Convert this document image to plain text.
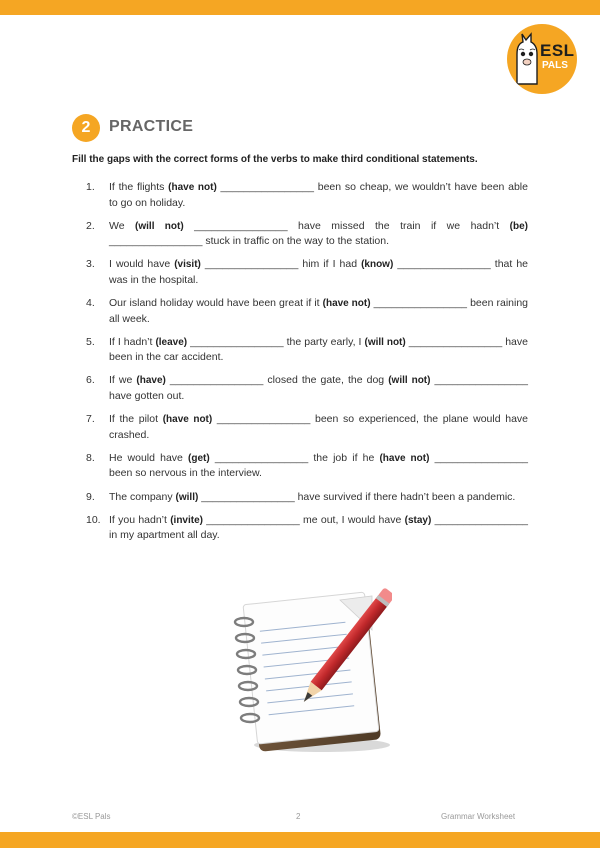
ESL
PALS
2	PRACTICE
Fill the gaps with the correct forms of the verbs to make third conditional statements.
1. If the flights (have not) ________________ been so cheap, we wouldn’t have been able to go on holiday.
2. We (will not) ________________ have missed the train if we hadn’t (be) ________________ stuck in traffic on the way to the station.
3. I would have (visit) ________________ him if I had (know) ________________ that he was in the hospital.
4. Our island holiday would have been great if it (have not) ________________ been raining all week.
5. If I hadn’t (leave) ________________ the party early, I (will not) ________________ have been in the car accident.
6. If we (have) ________________ closed the gate, the dog (will not) ________________ have gotten out.
7. If the pilot (have not) ________________ been so experienced, the plane would have crashed.
8. He would have (get) ________________ the job if he (have not) ________________ been so nervous in the interview.
9. The company (will) ________________ have survived if there hadn’t been a pandemic.
10. If you hadn’t (invite) ________________ me out, I would have (stay) ________________ in my apartment all day.
©ESL Pals	2	Grammar Worksheet
